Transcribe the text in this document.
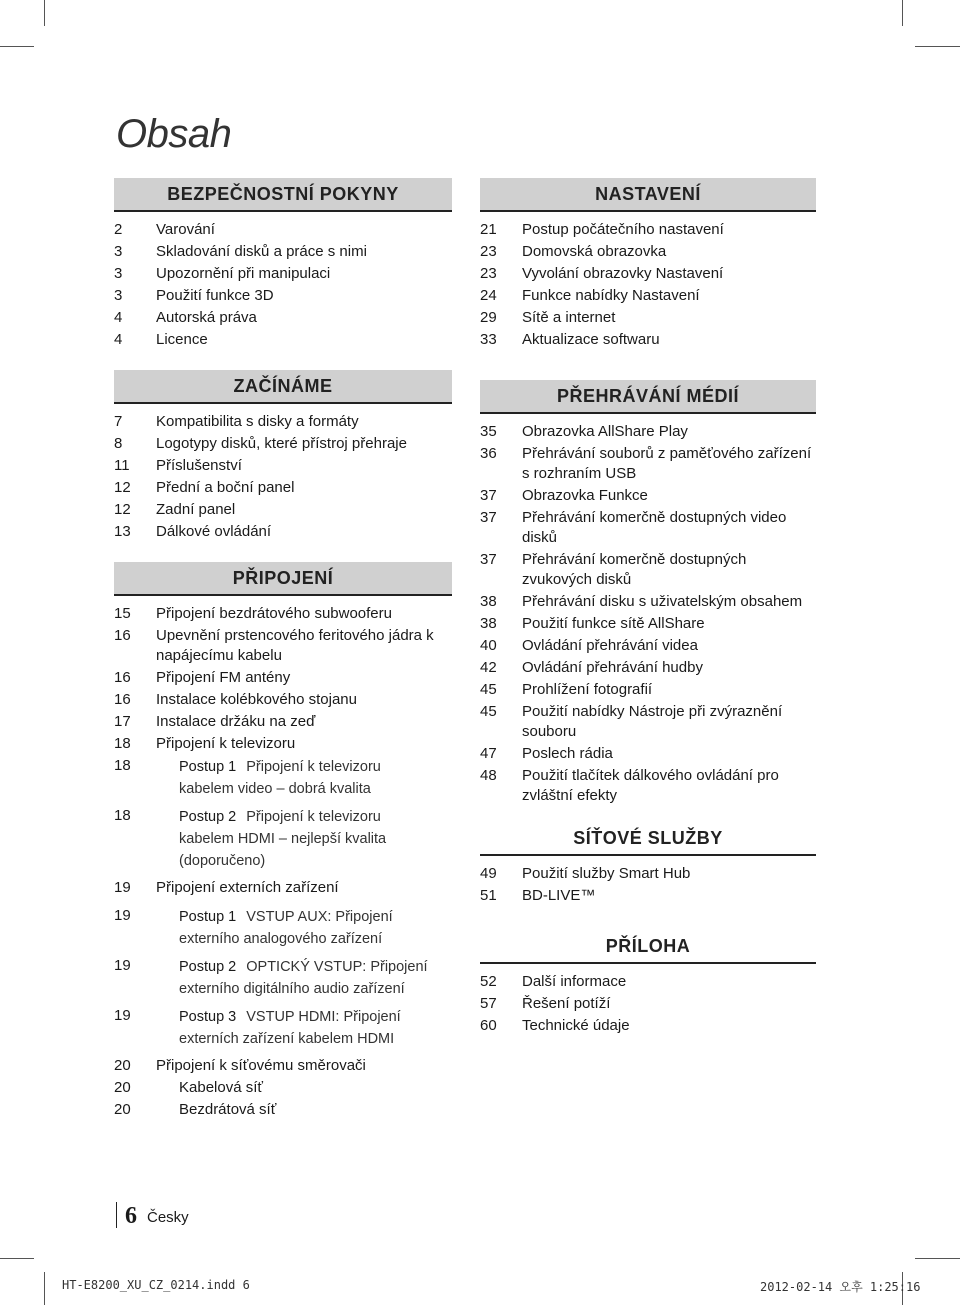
Obsah
BEZPEČNOSTNÍ POKYNY
2	Varování
3	Skladování disků a práce s nimi
3	Upozornění při manipulaci
3	Použití funkce 3D
4	Autorská práva
4	Licence
ZAČÍNÁME
7	Kompatibilita s disky a formáty
8	Logotypy disků, které přístroj přehraje
11	Příslušenství
12	Přední a boční panel
12	Zadní panel
13	Dálkové ovládání
PŘIPOJENÍ
15	Připojení bezdrátového subwooferu
16	Upevnění prstencového feritového jádra k napájecímu kabelu
16	Připojení FM antény
16	Instalace kolébkového stojanu
17	Instalace držáku na zeď
18	Připojení k televizoru
18	Postup 1 Připojení k televizoru
kabelem video – dobrá kvalita
18	Postup 2 Připojení k televizoru
kabelem HDMI – nejlepší kvalita
(doporučeno)
19	Připojení externích zařízení
19	Postup 1 VSTUP AUX: Připojení
externího analogového zařízení
19	Postup 2 OPTICKÝ VSTUP: Připojení
externího digitálního audio zařízení
19	Postup 3 VSTUP HDMI: Připojení
externích zařízení kabelem HDMI
20	Připojení k síťovému směrovači
20	Kabelová síť
20	Bezdrátová síť
NASTAVENÍ
21	Postup počátečního nastavení
23	Domovská obrazovka
23	Vyvolání obrazovky Nastavení
24	Funkce nabídky Nastavení
29	Sítě a internet
33	Aktualizace softwaru
PŘEHRÁVÁNÍ MÉDIÍ
35	Obrazovka AllShare Play
36	Přehrávání souborů z paměťového zařízení s rozhraním USB
37	Obrazovka Funkce
37	Přehrávání komerčně dostupných video disků
37	Přehrávání komerčně dostupných zvukových disků
38	Přehrávání disku s uživatelským obsahem
38	Použití funkce sítě AllShare
40	Ovládání přehrávání videa
42	Ovládání přehrávání hudby
45	Prohlížení fotografií
45	Použití nabídky Nástroje při zvýraznění souboru
47	Poslech rádia
48	Použití tlačítek dálkového ovládání pro zvláštní efekty
SÍŤOVÉ SLUŽBY
49	Použití služby Smart Hub
51	BD-LIVE™
PŘÍLOHA
52	Další informace
57	Řešení potíží
60	Technické údaje
6 Česky
HT-E8200_XU_CZ_0214.indd 6	2012-02-14 오후 1:25:16
